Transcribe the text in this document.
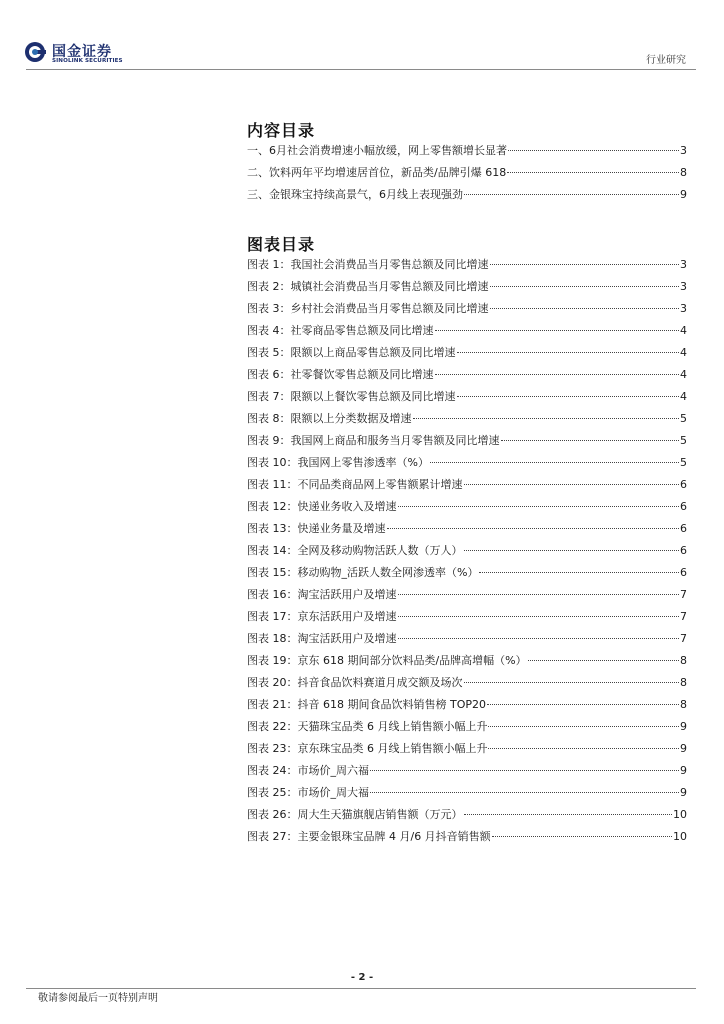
国金证券
SINOLINK SECURITIES	行业研究
内容目录
一、6月社会消费增速小幅放缓，网上零售额增长显著	3
二、饮料两年平均增速居首位，新品类/品牌引爆 618	8
三、金银珠宝持续高景气，6月线上表现强劲	9
图表目录
图表 1：我国社会消费品当月零售总额及同比增速	3
图表 2：城镇社会消费品当月零售总额及同比增速	3
图表 3：乡村社会消费品当月零售总额及同比增速	3
图表 4：社零商品零售总额及同比增速	4
图表 5：限额以上商品零售总额及同比增速	4
图表 6：社零餐饮零售总额及同比增速	4
图表 7：限额以上餐饮零售总额及同比增速	4
图表 8：限额以上分类数据及增速	5
图表 9：我国网上商品和服务当月零售额及同比增速	5
图表 10：我国网上零售渗透率（%）	5
图表 11：不同品类商品网上零售额累计增速	6
图表 12：快递业务收入及增速	6
图表 13：快递业务量及增速	6
图表 14：全网及移动购物活跃人数（万人）	6
图表 15：移动购物_活跃人数全网渗透率（%）	6
图表 16：淘宝活跃用户及增速	7
图表 17：京东活跃用户及增速	7
图表 18：淘宝活跃用户及增速	7
图表 19：京东 618 期间部分饮料品类/品牌高增幅（%）	8
图表 20：抖音食品饮料赛道月成交额及场次	8
图表 21：抖音 618 期间食品饮料销售榜 TOP20	8
图表 22：天猫珠宝品类 6 月线上销售额小幅上升	9
图表 23：京东珠宝品类 6 月线上销售额小幅上升	9
图表 24：市场价_周六福	9
图表 25：市场价_周大福	9
图表 26：周大生天猫旗舰店销售额（万元）	10
图表 27：主要金银珠宝品牌 4 月/6 月抖音销售额	10
- 2 -
敬请参阅最后一页特别声明
